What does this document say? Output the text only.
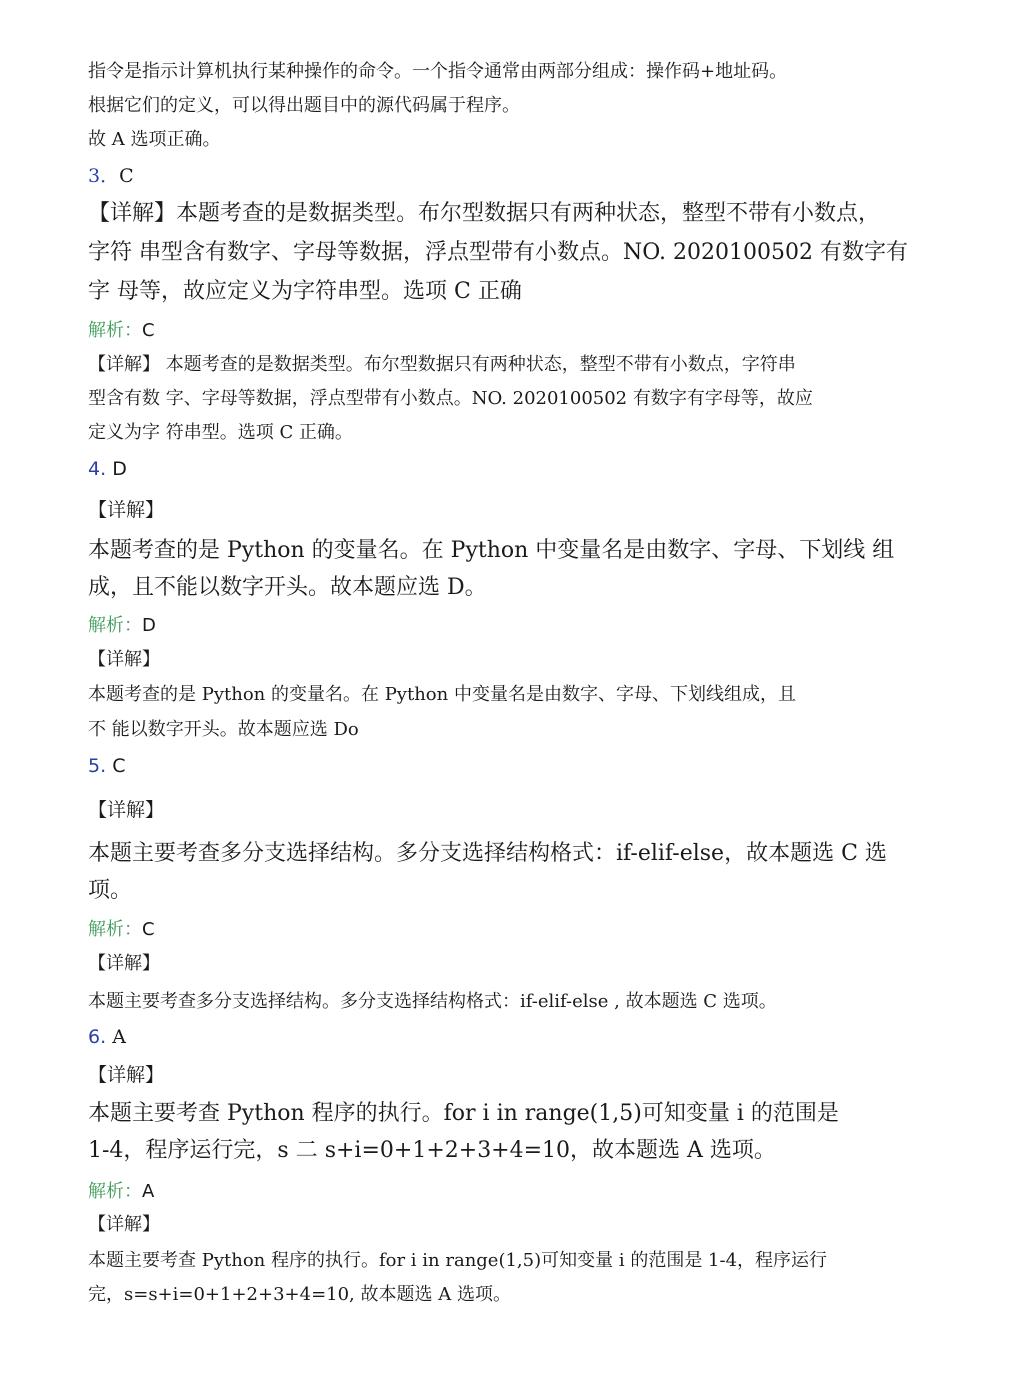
指令是指示计算机执行某种操作的命令。一个指令通常由两部分组成：操作码+地址码。
根据它们的定义，可以得出题目中的源代码属于程序。
故 A 选项正确。
3．C
【详解】本题考查的是数据类型。布尔型数据只有两种状态，整型不带有小数点，
字符 串型含有数字、字母等数据，浮点型带有小数点。NO. 2020100502 有数字有
字 母等，故应定义为字符串型。选项 C 正确
解析：C
【详解】 本题考查的是数据类型。布尔型数据只有两种状态，整型不带有小数点，字符串
型含有数 字、字母等数据，浮点型带有小数点。NO. 2020100502 有数字有字母等，故应
定义为字 符串型。选项 C 正确。
4. D
【详解】
本题考查的是 Python 的变量名。在 Python 中变量名是由数字、字母、下划线 组
成，且不能以数字开头。故本题应选 D。
解析：D
【详解】
本题考查的是 Python 的变量名。在 Python 中变量名是由数字、字母、下划线组成，且
不 能以数字开头。故本题应选 Do
5. C
【详解】
本题主要考查多分支选择结构。多分支选择结构格式：if-elif-else，故本题选 C 选
项。
解析：C
【详解】
本题主要考查多分支选择结构。多分支选择结构格式：if-elif-else , 故本题选 C 选项。
6. A
【详解】
本题主要考查 Python 程序的执行。for i in range(1,5)可知变量 i 的范围是
1-4，程序运行完，s 二 s+i=0+1+2+3+4=10，故本题选 A 选项。
解析：A
【详解】
本题主要考查 Python 程序的执行。for i in range(1,5)可知变量 i 的范围是 1-4，程序运行
完，s=s+i=0+1+2+3+4=10, 故本题选 A 选项。
